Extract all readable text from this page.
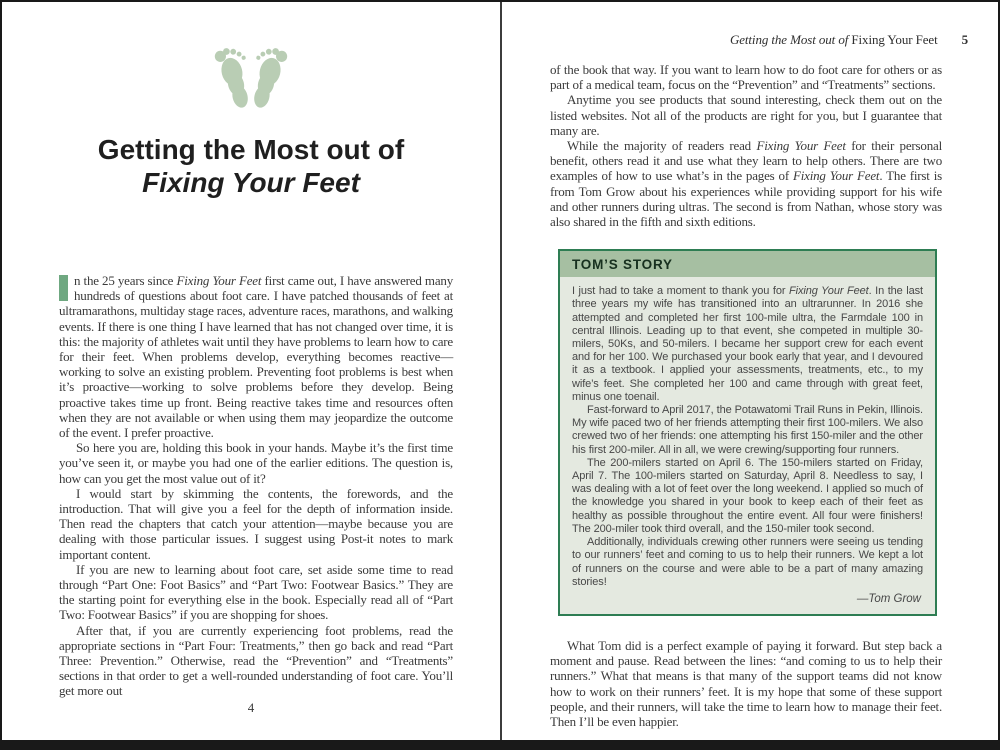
Getting the Most out of
Fixing Your Feet

n the 25 years since Fixing Your Feet first came out, I have answered many hundreds of questions about foot care. I have patched thousands of feet at ultramarathons, multiday stage races, adventure races, marathons, and walking events. If there is one thing I have learned that has not changed over time, it is this: the majority of athletes wait until they have problems to learn how to care for their feet. When problems develop, everything becomes reactive—working to solve an existing problem. Preventing foot problems is best when it’s proactive—working to solve problems before they develop. Being proactive takes time up front. Being reactive takes time and resources often when they are not available or when using them may jeopardize the outcome of the event. I prefer proactive.

So here you are, holding this book in your hands. Maybe it’s the first time you’ve seen it, or maybe you had one of the earlier editions. The question is, how can you get the most value out of it?

I would start by skimming the contents, the forewords, and the introduction. That will give you a feel for the depth of information inside. Then read the chapters that catch your attention—maybe because you are dealing with those particular issues. I suggest using Post-it notes to mark important content.

If you are new to learning about foot care, set aside some time to read through “Part One: Foot Basics” and “Part Two: Footwear Basics.” They are the starting point for everything else in the book. Especially read all of “Part Two: Footwear Basics” if you are shopping for shoes.

After that, if you are currently experiencing foot problems, read the appropriate sections in “Part Four: Treatments,” then go back and read “Part Three: Prevention.” Otherwise, read the “Prevention” and “Treatments” sections in that order to get a well-rounded understanding of foot care. You’ll get more out

4
Getting the Most out of Fixing Your Feet 5

of the book that way. If you want to learn how to do foot care for others or as part of a medical team, focus on the “Prevention” and “Treatments” sections.

Anytime you see products that sound interesting, check them out on the listed websites. Not all of the products are right for you, but I guarantee that many are.

While the majority of readers read Fixing Your Feet for their personal benefit, others read it and use what they learn to help others. There are two examples of how to use what’s in the pages of Fixing Your Feet. The first is from Tom Grow about his experiences while providing support for his wife and other runners during ultras. The second is from Nathan, whose story was also shared in the fifth and sixth editions.

TOM’S STORY

I just had to take a moment to thank you for Fixing Your Feet. In the last three years my wife has transitioned into an ultrarunner. In 2016 she attempted and completed her first 100-mile ultra, the Farmdale 100 in central Illinois. Leading up to that event, she competed in multiple 30-milers, 50Ks, and 50-milers. I became her support crew for each event and for her 100. We purchased your book early that year, and I devoured it as a textbook. I applied your assessments, treatments, etc., to my wife’s feet. She completed her 100 and came through with great feet, minus one toenail.

Fast-forward to April 2017, the Potawatomi Trail Runs in Pekin, Illinois. My wife paced two of her friends attempting their first 100-milers. We also crewed two of her friends: one attempting his first 150-miler and the other his first 200-miler. All in all, we were crewing/supporting four runners.

The 200-milers started on April 6. The 150-milers started on Friday, April 7. The 100-milers started on Saturday, April 8. Needless to say, I was dealing with a lot of feet over the long weekend. I applied so much of the knowledge you shared in your book to keep each of their feet as healthy as possible throughout the entire event. All four were finishers! The 200-miler took third overall, and the 150-miler took second.

Additionally, individuals crewing other runners were seeing us tending to our runners’ feet and coming to us to help their runners. We kept a lot of runners on the course and were able to be a part of many amazing stories!

—Tom Grow

What Tom did is a perfect example of paying it forward. But step back a moment and pause. Read between the lines: “and coming to us to help their runners.” What that means is that many of the support teams did not know how to work on their runners’ feet. It is my hope that some of these support people, and their runners, will take the time to learn how to manage their feet. Then I’ll be even happier.
